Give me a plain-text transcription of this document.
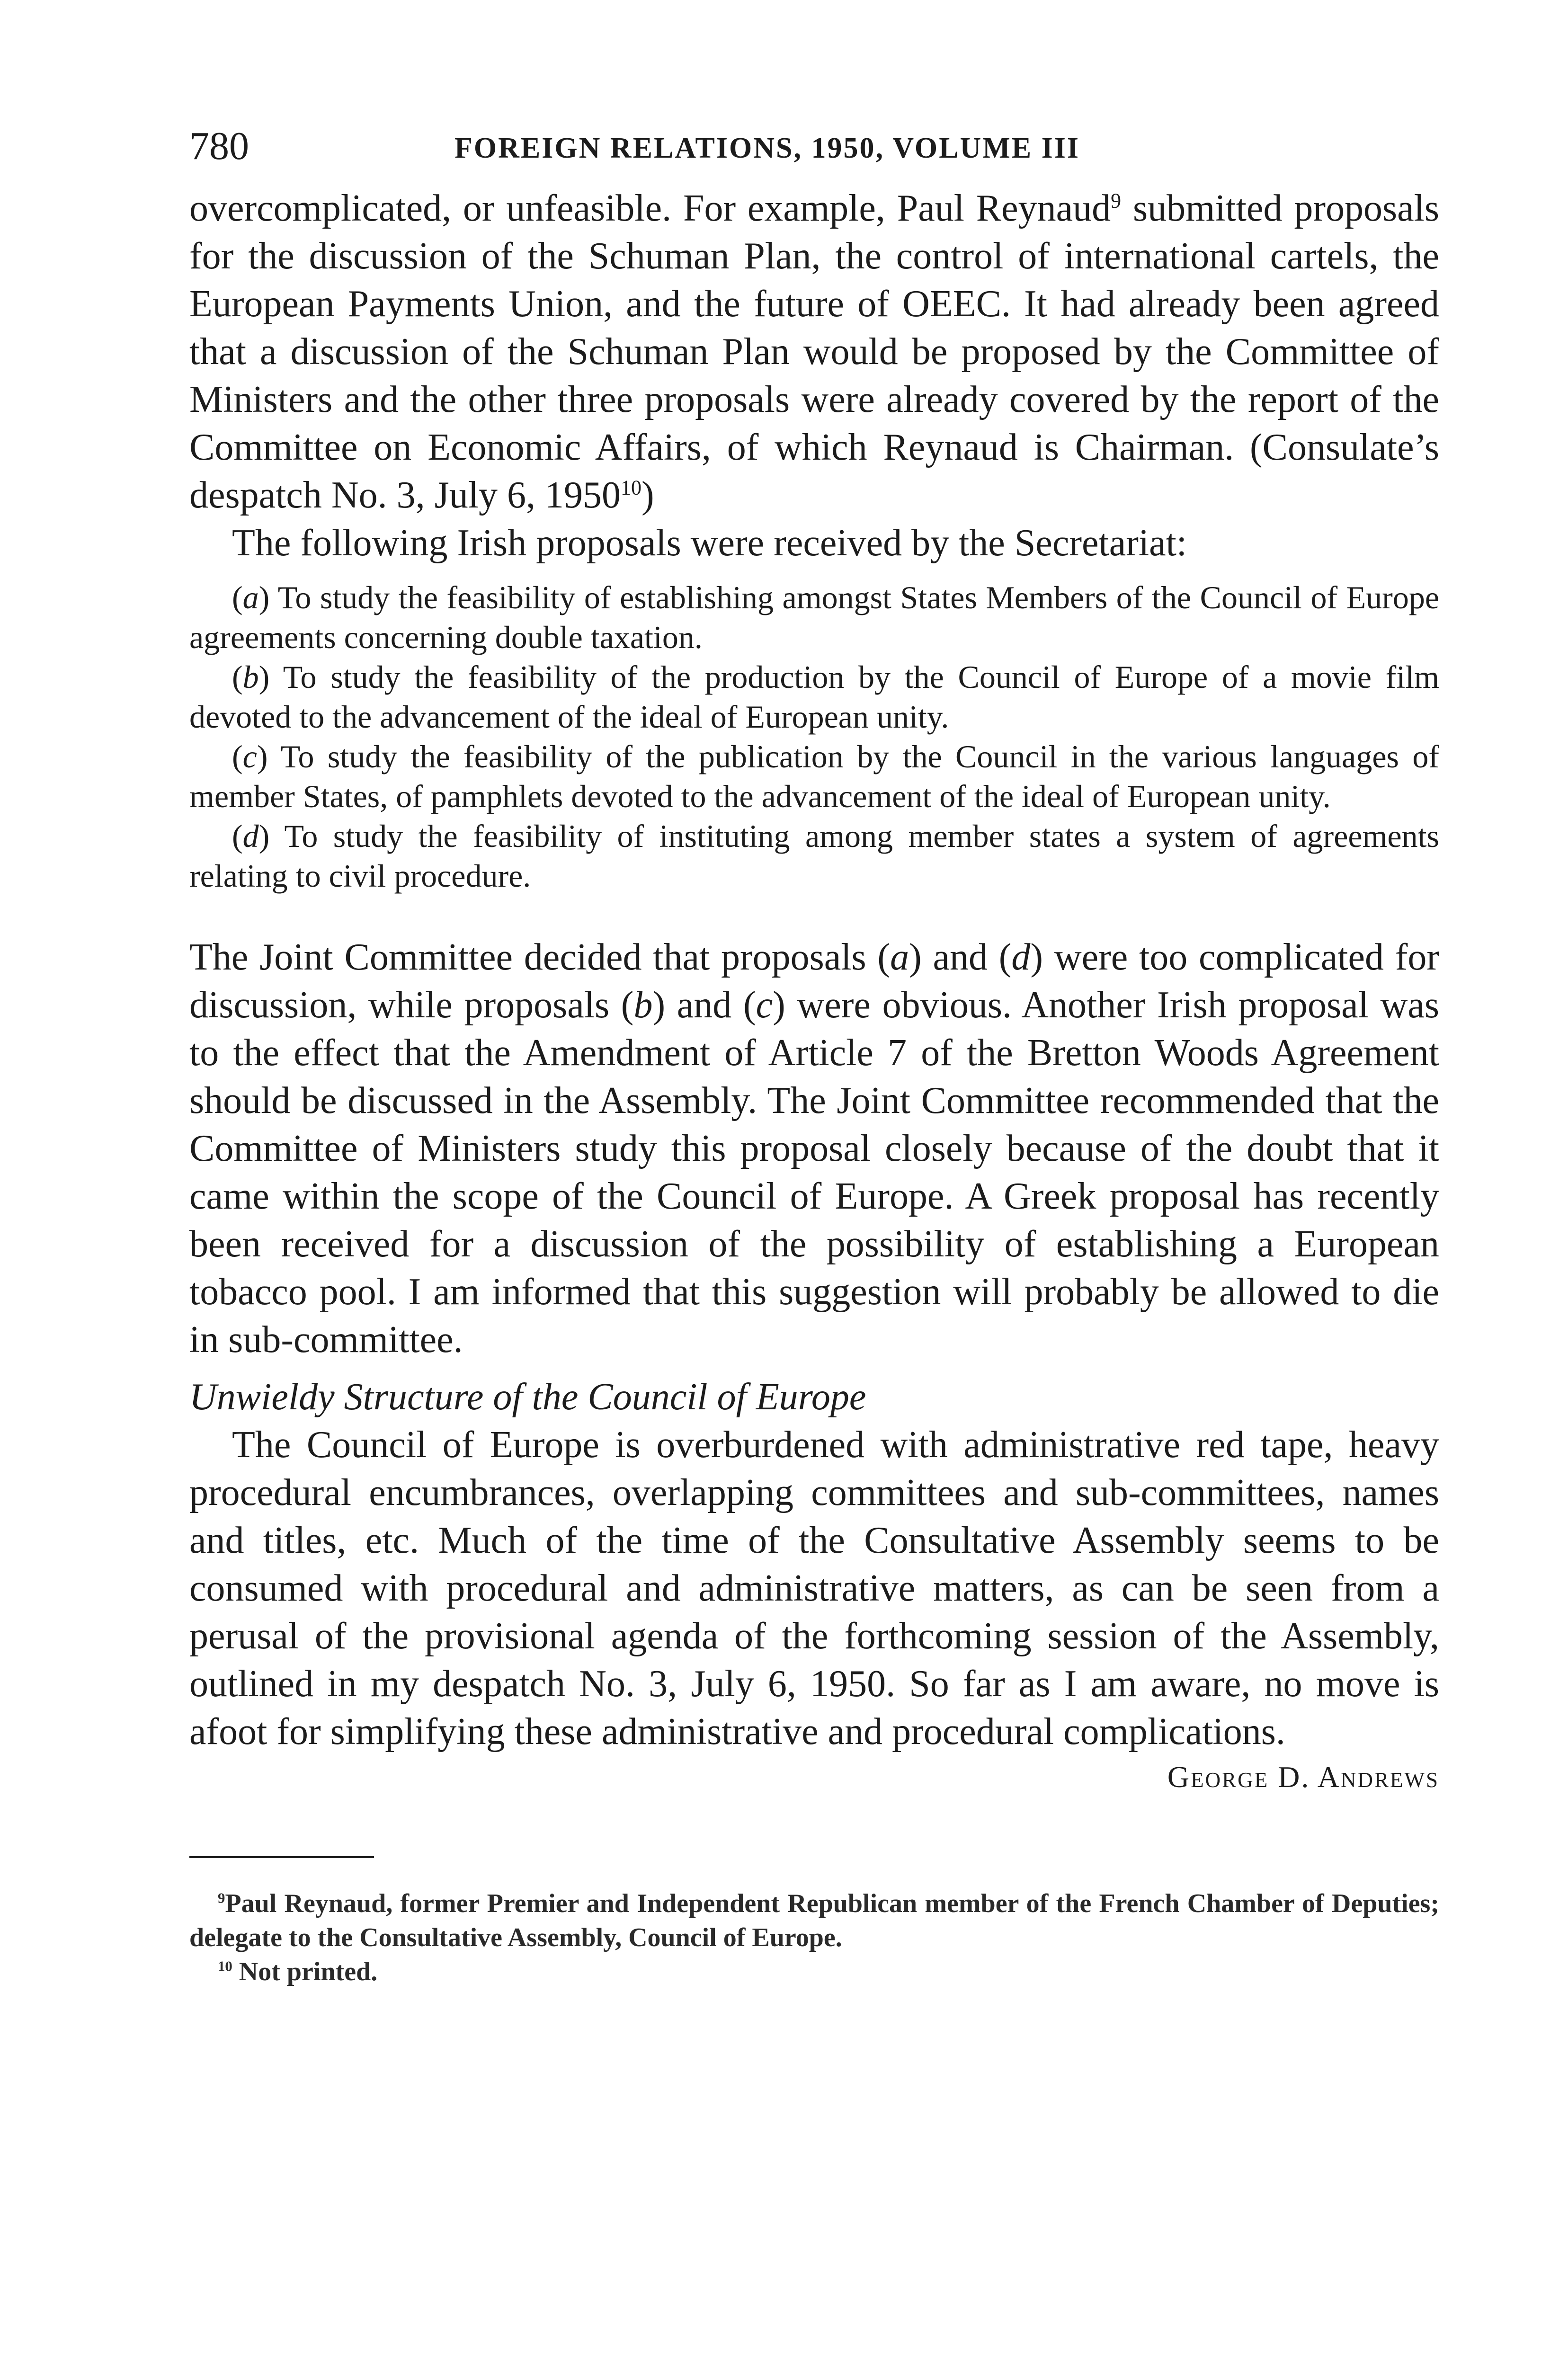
780	FOREIGN RELATIONS, 1950, VOLUME III

overcomplicated, or unfeasible. For example, Paul Reynaud$^9$ submitted proposals for the discussion of the Schuman Plan, the control of international cartels, the European Payments Union, and the future of OEEC. It had already been agreed that a discussion of the Schuman Plan would be proposed by the Committee of Ministers and the other three proposals were already covered by the report of the Committee on Economic Affairs, of which Reynaud is Chairman. (Consulate’s despatch No. 3, July 6, 1950$^{10}$)

The following Irish proposals were received by the Secretariat:

(a) To study the feasibility of establishing amongst States Members of the Council of Europe agreements concerning double taxation.

(b) To study the feasibility of the production by the Council of Europe of a movie film devoted to the advancement of the ideal of European unity.

(c) To study the feasibility of the publication by the Council in the various languages of member States, of pamphlets devoted to the advancement of the ideal of European unity.

(d) To study the feasibility of instituting among member states a system of agreements relating to civil procedure.

The Joint Committee decided that proposals (a) and (d) were too complicated for discussion, while proposals (b) and (c) were obvious. Another Irish proposal was to the effect that the Amendment of Article 7 of the Bretton Woods Agreement should be discussed in the Assembly. The Joint Committee recommended that the Committee of Ministers study this proposal closely because of the doubt that it came within the scope of the Council of Europe. A Greek proposal has recently been received for a discussion of the possibility of establishing a European tobacco pool. I am informed that this suggestion will probably be allowed to die in sub-committee.

Unwieldy Structure of the Council of Europe

The Council of Europe is overburdened with administrative red tape, heavy procedural encumbrances, overlapping committees and sub-committees, names and titles, etc. Much of the time of the Consultative Assembly seems to be consumed with procedural and administrative matters, as can be seen from a perusal of the provisional agenda of the forthcoming session of the Assembly, outlined in my despatch No. 3, July 6, 1950. So far as I am aware, no move is afoot for simplifying these administrative and procedural complications.

George D. Andrews

$^9$Paul Reynaud, former Premier and Independent Republican member of the French Chamber of Deputies; delegate to the Consultative Assembly, Council of Europe.

$^{10}$ Not printed.
